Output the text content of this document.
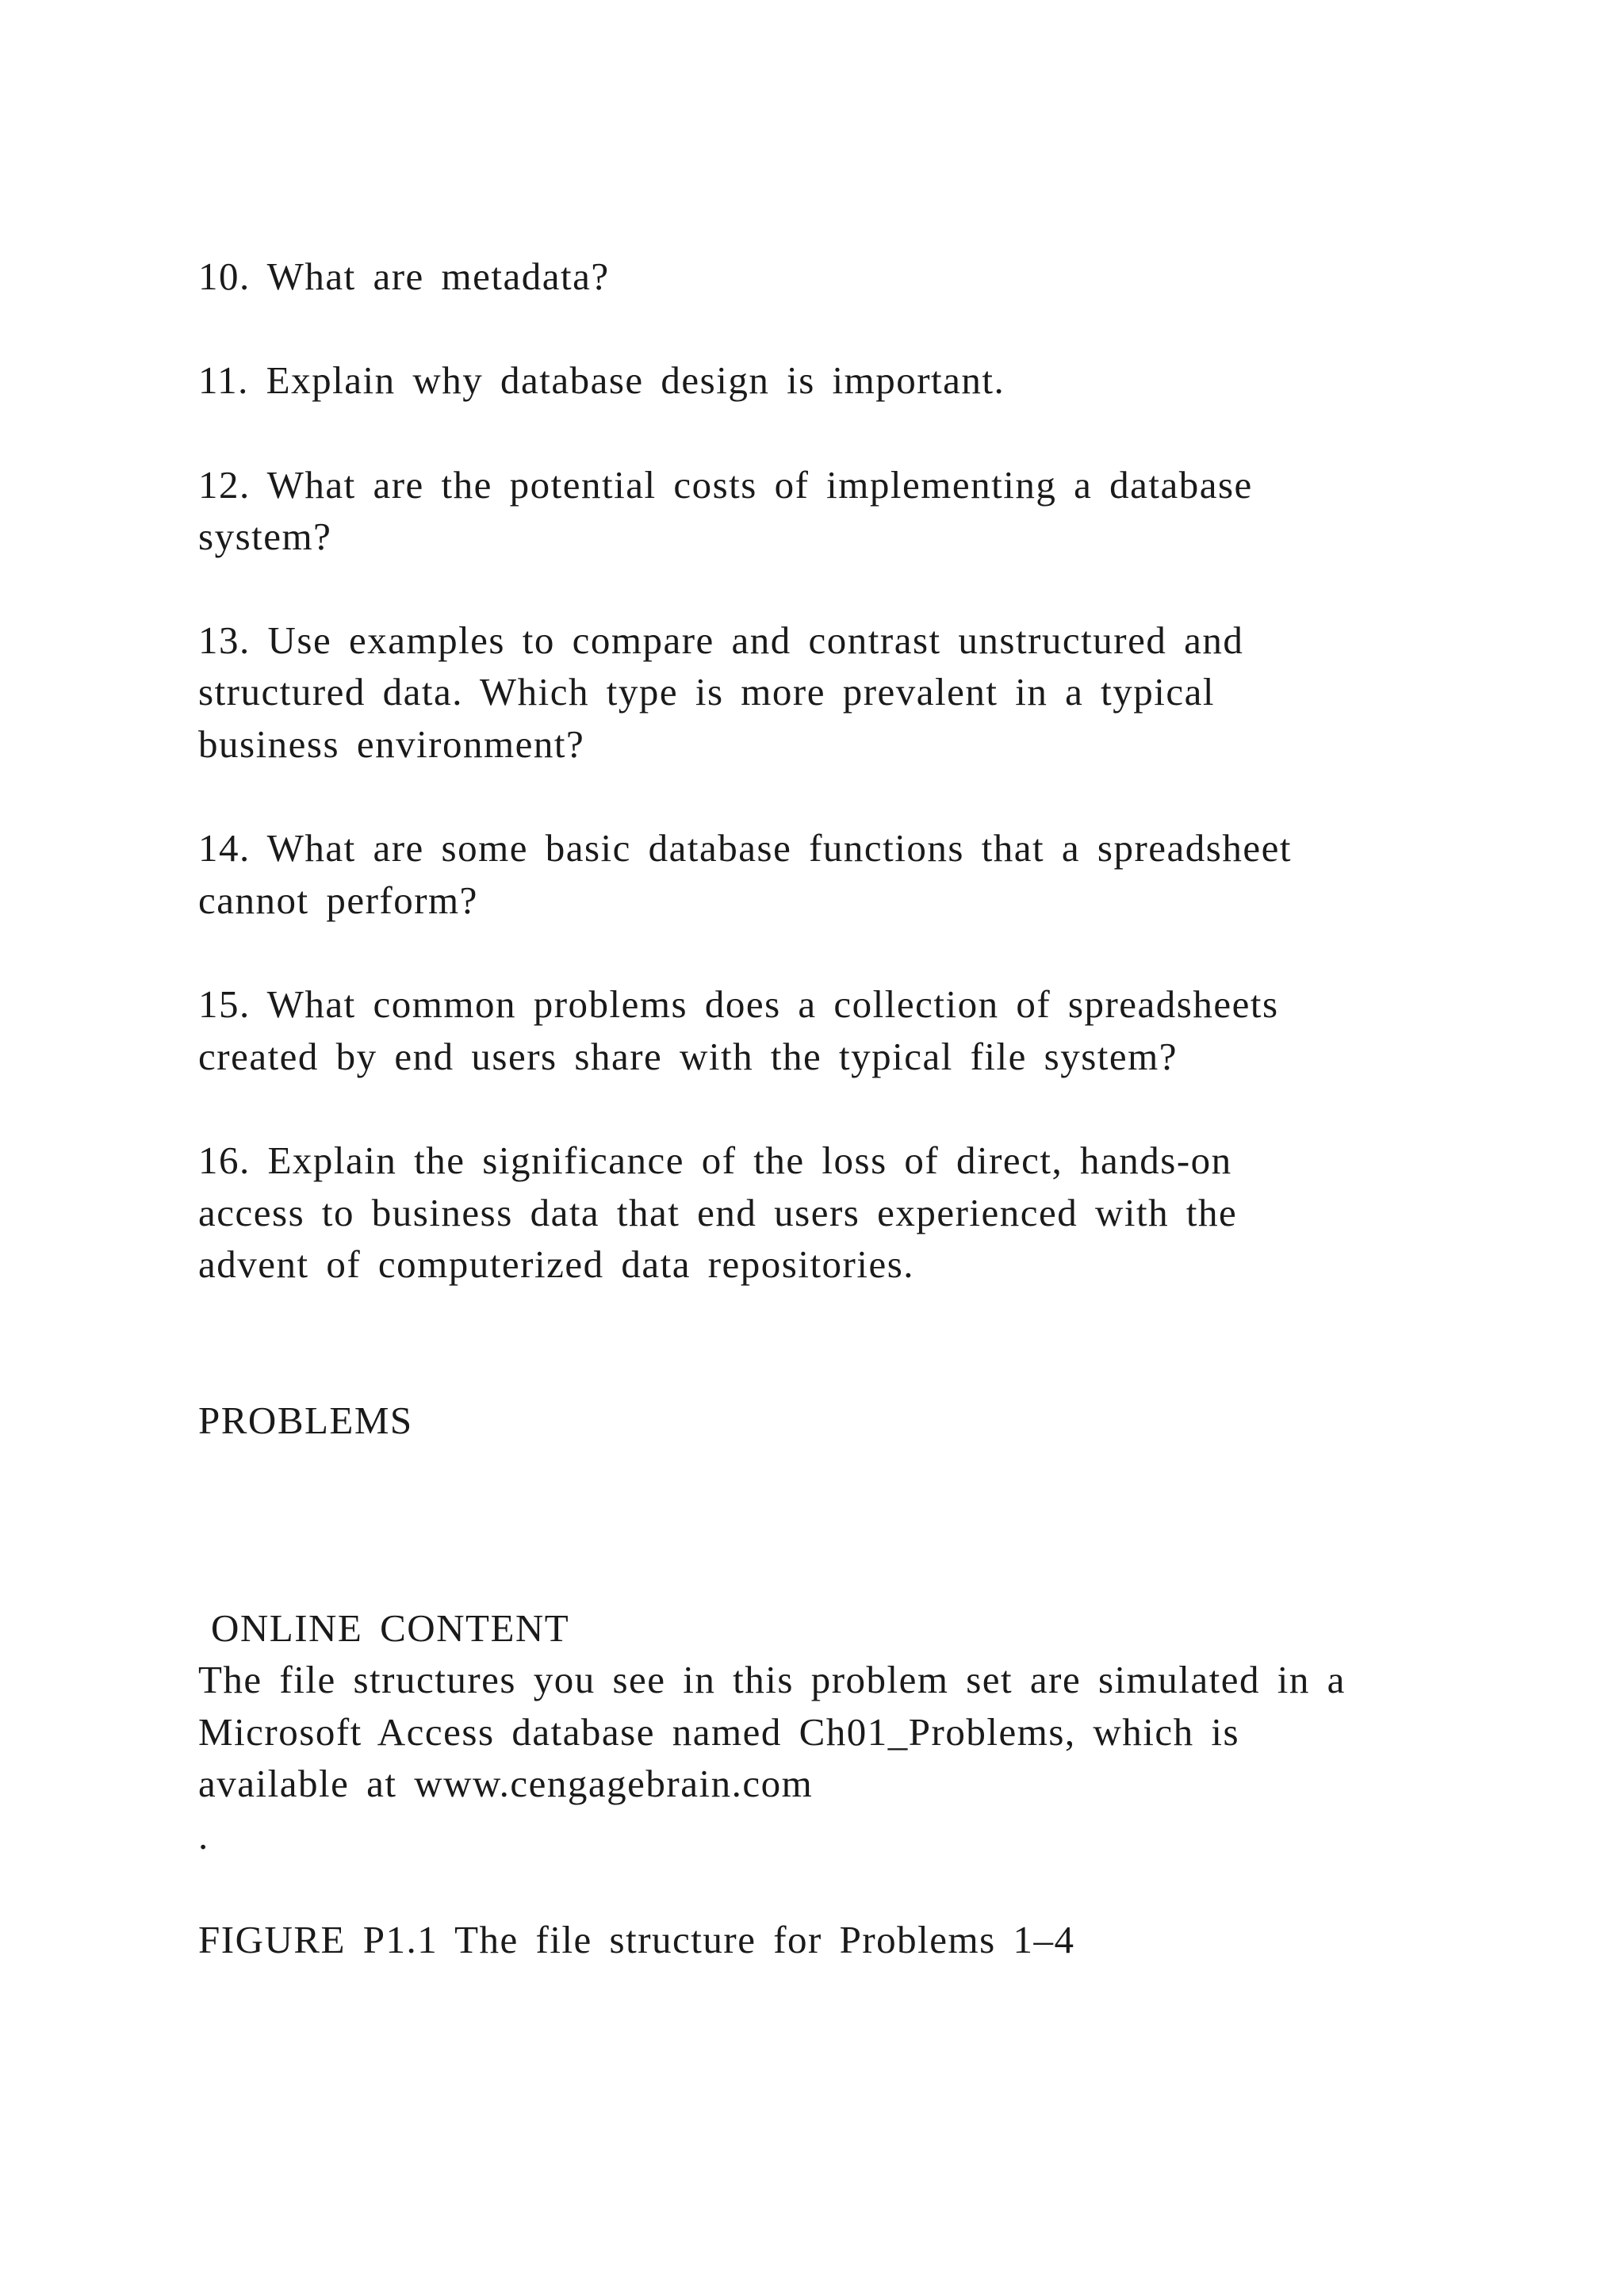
10. What are metadata?
11. Explain why database design is important.
12. What are the potential costs of implementing a database
system?
13. Use examples to compare and contrast unstructured and
structured data. Which type is more prevalent in a typical
business environment?
14. What are some basic database functions that a spreadsheet
cannot perform?
15. What common problems does a collection of spreadsheets
created by end users share with the typical file system?
16. Explain the significance of the loss of direct, hands-on
access to business data that end users experienced with the
advent of computerized data repositories.
PROBLEMS
ONLINE CONTENT
The file structures you see in this problem set are simulated in a
Microsoft Access database named Ch01_Problems, which is
available at www.cengagebrain.com
.
FIGURE P1.1 The file structure for Problems 1–4
